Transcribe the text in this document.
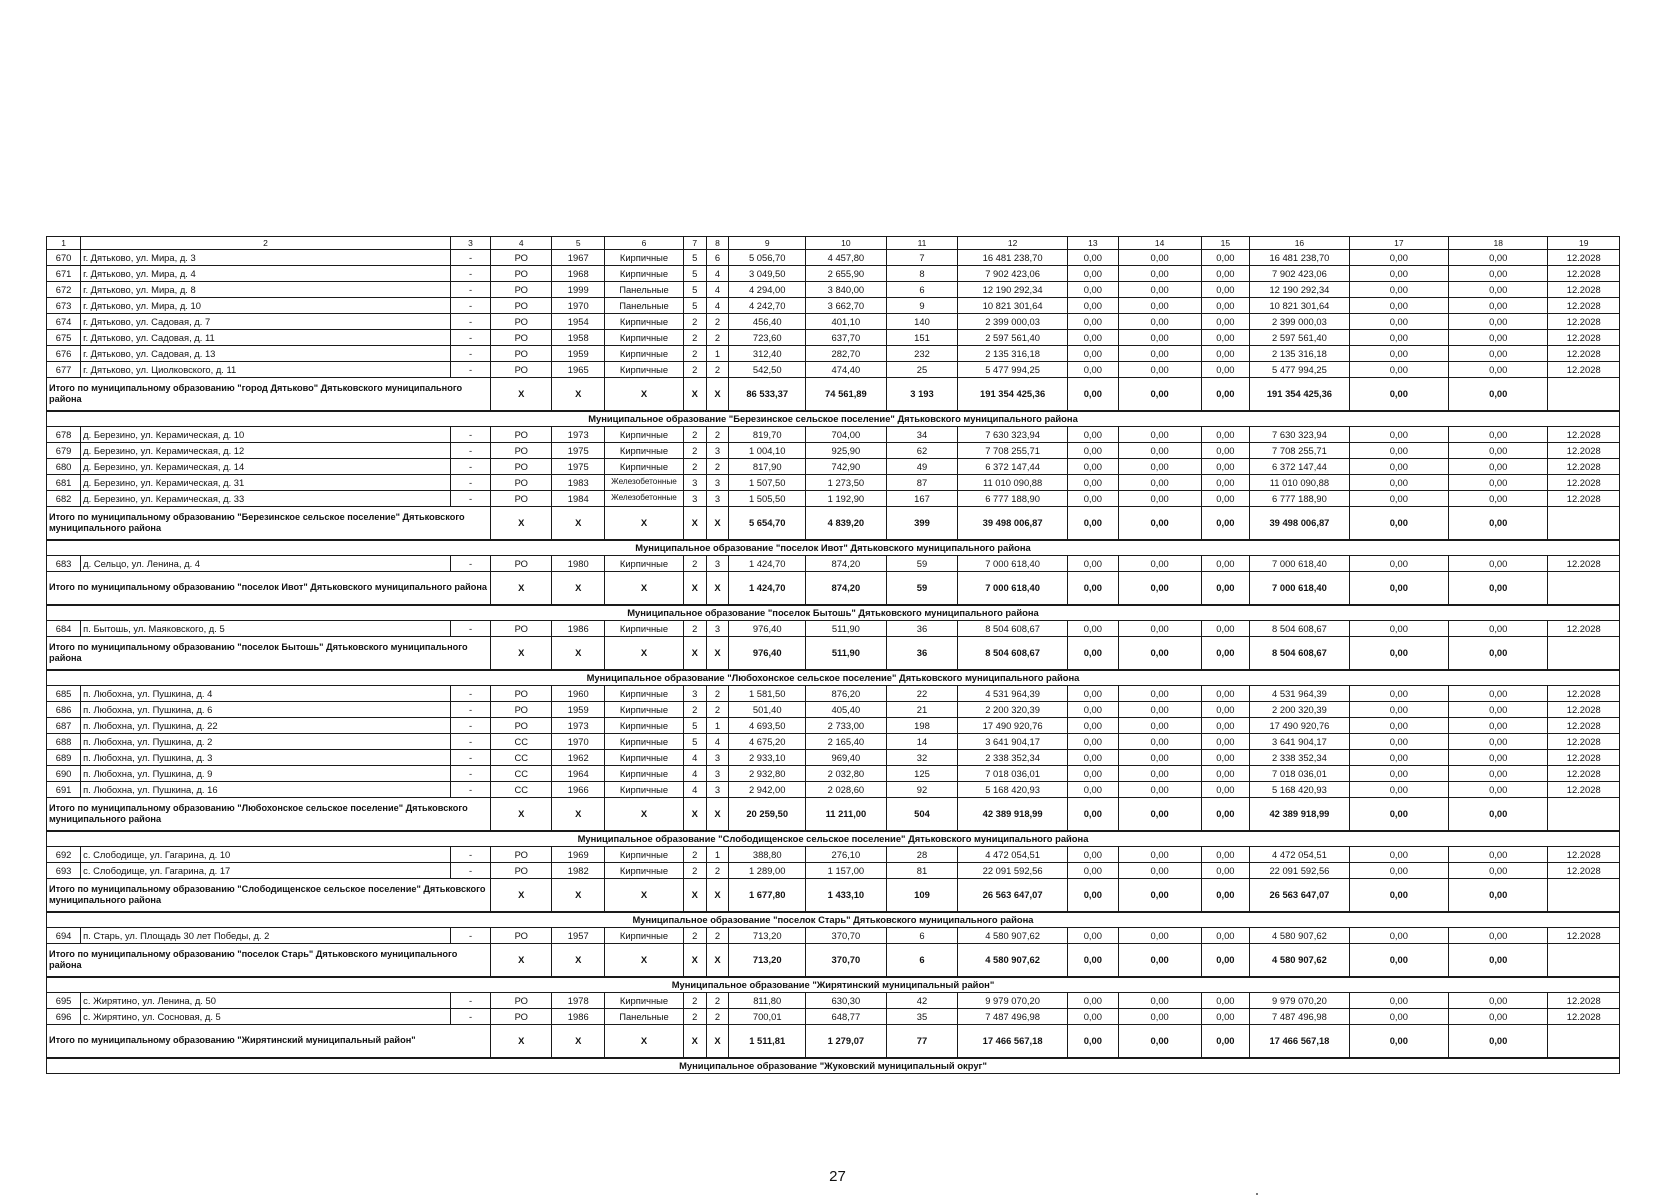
1	2	3	4	5	6	7	8	9	10	11	12	13	14	15	16	17	18	19
670	г. Дятьково, ул. Мира, д. 3	-	РО	1967	Кирпичные	5	6	5 056,70	4 457,80	7	16 481 238,70	0,00	0,00	0,00	16 481 238,70	0,00	0,00	12.2028
671	г. Дятьково, ул. Мира, д. 4	-	РО	1968	Кирпичные	5	4	3 049,50	2 655,90	8	7 902 423,06	0,00	0,00	0,00	7 902 423,06	0,00	0,00	12.2028
672	г. Дятьково, ул. Мира, д. 8	-	РО	1999	Панельные	5	4	4 294,00	3 840,00	6	12 190 292,34	0,00	0,00	0,00	12 190 292,34	0,00	0,00	12.2028
673	г. Дятьково, ул. Мира, д. 10	-	РО	1970	Панельные	5	4	4 242,70	3 662,70	9	10 821 301,64	0,00	0,00	0,00	10 821 301,64	0,00	0,00	12.2028
674	г. Дятьково, ул. Садовая, д. 7	-	РО	1954	Кирпичные	2	2	456,40	401,10	140	2 399 000,03	0,00	0,00	0,00	2 399 000,03	0,00	0,00	12.2028
675	г. Дятьково, ул. Садовая, д. 11	-	РО	1958	Кирпичные	2	2	723,60	637,70	151	2 597 561,40	0,00	0,00	0,00	2 597 561,40	0,00	0,00	12.2028
676	г. Дятьково, ул. Садовая, д. 13	-	РО	1959	Кирпичные	2	1	312,40	282,70	232	2 135 316,18	0,00	0,00	0,00	2 135 316,18	0,00	0,00	12.2028
677	г. Дятьково, ул. Циолковского, д. 11	-	РО	1965	Кирпичные	2	2	542,50	474,40	25	5 477 994,25	0,00	0,00	0,00	5 477 994,25	0,00	0,00	12.2028
Итого по муниципальному образованию "город Дятьково" Дятьковского муниципального района			X	X	X	X	X	86 533,37	74 561,89	3 193	191 354 425,36	0,00	0,00	0,00	191 354 425,36	0,00	0,00	
Муниципальное образование "Березинское сельское поселение" Дятьковского муниципального района																		
678	д. Березино, ул. Керамическая, д. 10	-	РО	1973	Кирпичные	2	2	819,70	704,00	34	7 630 323,94	0,00	0,00	0,00	7 630 323,94	0,00	0,00	12.2028
679	д. Березино, ул. Керамическая, д. 12	-	РО	1975	Кирпичные	2	3	1 004,10	925,90	62	7 708 255,71	0,00	0,00	0,00	7 708 255,71	0,00	0,00	12.2028
680	д. Березино, ул. Керамическая, д. 14	-	РО	1975	Кирпичные	2	2	817,90	742,90	49	6 372 147,44	0,00	0,00	0,00	6 372 147,44	0,00	0,00	12.2028
681	д. Березино, ул. Керамическая, д. 31	-	РО	1983	Железобетонные	3	3	1 507,50	1 273,50	87	11 010 090,88	0,00	0,00	0,00	11 010 090,88	0,00	0,00	12.2028
682	д. Березино, ул. Керамическая, д. 33	-	РО	1984	Железобетонные	3	3	1 505,50	1 192,90	167	6 777 188,90	0,00	0,00	0,00	6 777 188,90	0,00	0,00	12.2028
Итого по муниципальному образованию "Березинское сельское поселение" Дятьковского муниципального района			X	X	X	X	X	5 654,70	4 839,20	399	39 498 006,87	0,00	0,00	0,00	39 498 006,87	0,00	0,00	
Муниципальное образование "поселок Ивот" Дятьковского муниципального района																		
683	д. Сельцо, ул. Ленина, д. 4	-	РО	1980	Кирпичные	2	3	1 424,70	874,20	59	7 000 618,40	0,00	0,00	0,00	7 000 618,40	0,00	0,00	12.2028
Итого по муниципальному образованию "поселок Ивот" Дятьковского муниципального района			X	X	X	X	X	1 424,70	874,20	59	7 000 618,40	0,00	0,00	0,00	7 000 618,40	0,00	0,00	
Муниципальное образование "поселок Бытошь" Дятьковского муниципального района																		
684	п. Бытошь, ул. Маяковского, д. 5	-	РО	1986	Кирпичные	2	3	976,40	511,90	36	8 504 608,67	0,00	0,00	0,00	8 504 608,67	0,00	0,00	12.2028
Итого по муниципальному образованию "поселок Бытошь" Дятьковского муниципального района			X	X	X	X	X	976,40	511,90	36	8 504 608,67	0,00	0,00	0,00	8 504 608,67	0,00	0,00	
Муниципальное образование "Любохонское сельское поселение" Дятьковского муниципального района																		
685	п. Любохна, ул. Пушкина, д. 4	-	РО	1960	Кирпичные	3	2	1 581,50	876,20	22	4 531 964,39	0,00	0,00	0,00	4 531 964,39	0,00	0,00	12.2028
686	п. Любохна, ул. Пушкина, д. 6	-	РО	1959	Кирпичные	2	2	501,40	405,40	21	2 200 320,39	0,00	0,00	0,00	2 200 320,39	0,00	0,00	12.2028
687	п. Любохна, ул. Пушкина, д. 22	-	РО	1973	Кирпичные	5	1	4 693,50	2 733,00	198	17 490 920,76	0,00	0,00	0,00	17 490 920,76	0,00	0,00	12.2028
688	п. Любохна, ул. Пушкина, д. 2	-	СС	1970	Кирпичные	5	4	4 675,20	2 165,40	14	3 641 904,17	0,00	0,00	0,00	3 641 904,17	0,00	0,00	12.2028
689	п. Любохна, ул. Пушкина, д. 3	-	СС	1962	Кирпичные	4	3	2 933,10	969,40	32	2 338 352,34	0,00	0,00	0,00	2 338 352,34	0,00	0,00	12.2028
690	п. Любохна, ул. Пушкина, д. 9	-	СС	1964	Кирпичные	4	3	2 932,80	2 032,80	125	7 018 036,01	0,00	0,00	0,00	7 018 036,01	0,00	0,00	12.2028
691	п. Любохна, ул. Пушкина, д. 16	-	СС	1966	Кирпичные	4	3	2 942,00	2 028,60	92	5 168 420,93	0,00	0,00	0,00	5 168 420,93	0,00	0,00	12.2028
Итого по муниципальному образованию "Любохонское сельское поселение" Дятьковского муниципального района			X	X	X	X	X	20 259,50	11 211,00	504	42 389 918,99	0,00	0,00	0,00	42 389 918,99	0,00	0,00	
Муниципальное образование "Слободищенское сельское поселение" Дятьковского муниципального района																		
692	с. Слободище, ул. Гагарина, д. 10	-	РО	1969	Кирпичные	2	1	388,80	276,10	28	4 472 054,51	0,00	0,00	0,00	4 472 054,51	0,00	0,00	12.2028
693	с. Слободище, ул. Гагарина, д. 17	-	РО	1982	Кирпичные	2	2	1 289,00	1 157,00	81	22 091 592,56	0,00	0,00	0,00	22 091 592,56	0,00	0,00	12.2028
Итого по муниципальному образованию "Слободищенское сельское поселение" Дятьковского муниципального района			X	X	X	X	X	1 677,80	1 433,10	109	26 563 647,07	0,00	0,00	0,00	26 563 647,07	0,00	0,00	
Муниципальное образование "поселок Старь" Дятьковского муниципального района																		
694	п. Старь, ул. Площадь 30 лет Победы, д. 2	-	РО	1957	Кирпичные	2	2	713,20	370,70	6	4 580 907,62	0,00	0,00	0,00	4 580 907,62	0,00	0,00	12.2028
Итого по муниципальному образованию "поселок Старь" Дятьковского муниципального района			X	X	X	X	X	713,20	370,70	6	4 580 907,62	0,00	0,00	0,00	4 580 907,62	0,00	0,00	
Муниципальное образование "Жирятинский муниципальный район"																		
695	с. Жирятино, ул. Ленина, д. 50	-	РО	1978	Кирпичные	2	2	811,80	630,30	42	9 979 070,20	0,00	0,00	0,00	9 979 070,20	0,00	0,00	12.2028
696	с. Жирятино, ул. Сосновая, д. 5	-	РО	1986	Панельные	2	2	700,01	648,77	35	7 487 496,98	0,00	0,00	0,00	7 487 496,98	0,00	0,00	12.2028
Итого по муниципальному образованию "Жирятинский муниципальный район"			X	X	X	X	X	1 511,81	1 279,07	77	17 466 567,18	0,00	0,00	0,00	17 466 567,18	0,00	0,00	
Муниципальное образование "Жуковский муниципальный округ"																		
27
